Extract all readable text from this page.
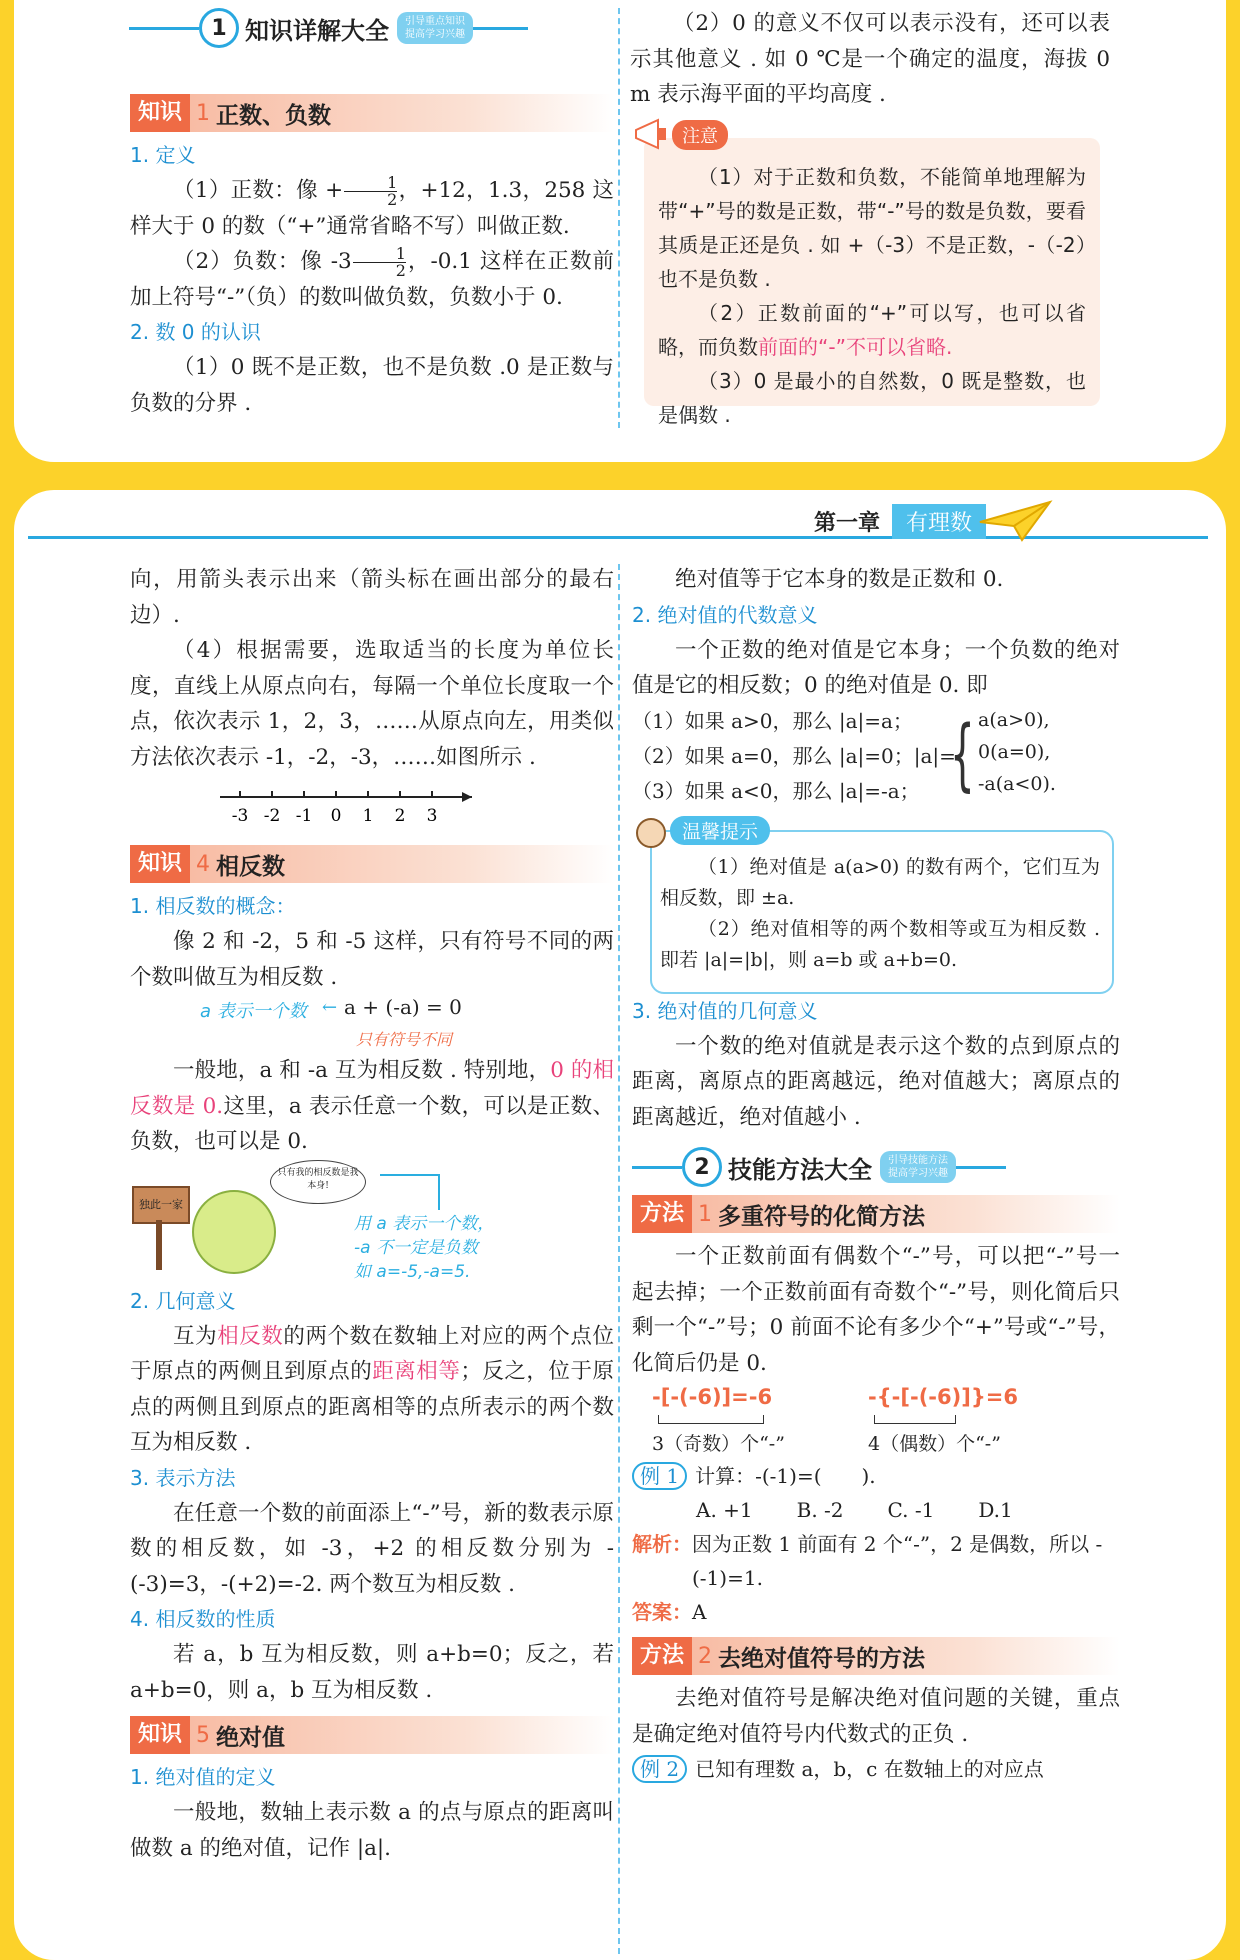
1 知识详解大全	引导重点知识
提高学习兴趣
知识 1 正数、负数

1. 定义

（1）正数：像 + $\frac{1}{2}$ ，+12，1.3，258 这样大于 0 的数（“+”通常省略不写）叫做正数.

（2）负数：像 $-3 \frac{1}{2}$ ，-0.1 这样在正数前加上符号“-”（负）的数叫做负数，负数小于 0.

2. 数 0 的认识

（1）0 既不是正数，也不是负数 .0 是正数与负数的分界 .

（2）0 的意义不仅可以表示没有，还可以表示其他意义 . 如 0 ℃是一个确定的温度，海拔 0 m 表示海平面的平均高度 .

注意

（1）对于正数和负数，不能简单地理解为带“+”号的数是正数，带“-”号的数是负数，要看其质是正还是负 . 如 +（-3）不是正数，-（-2）也不是负数 .

（2）正数前面的“+”可以写，也可以省略，而负数前面的“-”不可以省略.

（3）0 是最小的自然数，0 既是整数，也是偶数 .

第一章	有理数

向，用箭头表示出来（箭头标在画出部分的最右边）.

（4）根据需要，选取适当的长度为单位长度，直线上从原点向右，每隔一个单位长度取一个点，依次表示 1，2，3，……从原点向左，用类似方法依次表示 -1，-2，-3，……如图所示 .

-3 -2 -1 0 1 2 3
知识 4 相反数

1. 相反数的概念：

像 2 和 -2，5 和 -5 这样，只有符号不同的两个数叫做互为相反数 .

a 表示一个数 ← a + (-a) = 0
只有符号不同

一般地，a 和 -a 互为相反数 . 特别地，0 的相反数是 0.这里，a 表示任意一个数，可以是正数、负数，也可以是 0.

独此一家
只有我的相反数是我本身!
用 a 表示一个数，
-a 不一定是负数
如 a=-5,-a=5.

2. 几何意义

互为相反数的两个数在数轴上对应的两个点位于原点的两侧且到原点的距离相等；反之，位于原点的两侧且到原点的距离相等的点所表示的两个数互为相反数 .

3. 表示方法

在任意一个数的前面添上“-”号，新的数表示原数的相反数，如 -3，+2 的相反数分别为 -(-3)=3，-(+2)=-2. 两个数互为相反数 .

4. 相反数的性质

若 a，b 互为相反数，则 a+b=0；反之，若 a+b=0，则 a，b 互为相反数 .

知识 5 绝对值

1. 绝对值的定义

一般地，数轴上表示数 a 的点与原点的距离叫做数 a 的绝对值，记作 |a|.

绝对值等于它本身的数是正数和 0.

2. 绝对值的代数意义

一个正数的绝对值是它本身；一个负数的绝对值是它的相反数；0 的绝对值是 0. 即

（1）如果 a>0，那么 |a|=a；
（2）如果 a=0，那么 |a|=0；|a|=
（3）如果 a<0，那么 |a|=-a； { a(a>0),
0(a=0),
-a(a<0).
温馨提示

（1）绝对值是 a(a>0) 的数有两个，它们互为相反数，即 ±a.

（2）绝对值相等的两个数相等或互为相反数 . 即若 |a|=|b|，则 a=b 或 a+b=0.

3. 绝对值的几何意义

一个数的绝对值就是表示这个数的点到原点的距离，离原点的距离越远，绝对值越大；离原点的距离越近，绝对值越小 .

2 技能方法大全	引导技能方法
提高学习兴趣
方法 1 多重符号的化简方法

一个正数前面有偶数个“-”号，可以把“-”号一起去掉；一个正数前面有奇数个“-”号，则化简后只剩一个“-”号；0 前面不论有多少个“+”号或“-”号，化简后仍是 0.

-[-(-6)]=-6	-{-[-(-6)]}=6
3（奇数）个“-”	4（偶数）个“-”
例 1 计算：-(-1)=(　　).
A. +1 B. -2 C. -1 D.1
解析： 因为正数 1 前面有 2 个“-”，2 是偶数，所以 -(-1)=1.
答案：A
方法 2 去绝对值符号的方法

去绝对值符号是解决绝对值问题的关键，重点是确定绝对值符号内代数式的正负 .

例 2 已知有理数 a，b，c 在数轴上的对应点
